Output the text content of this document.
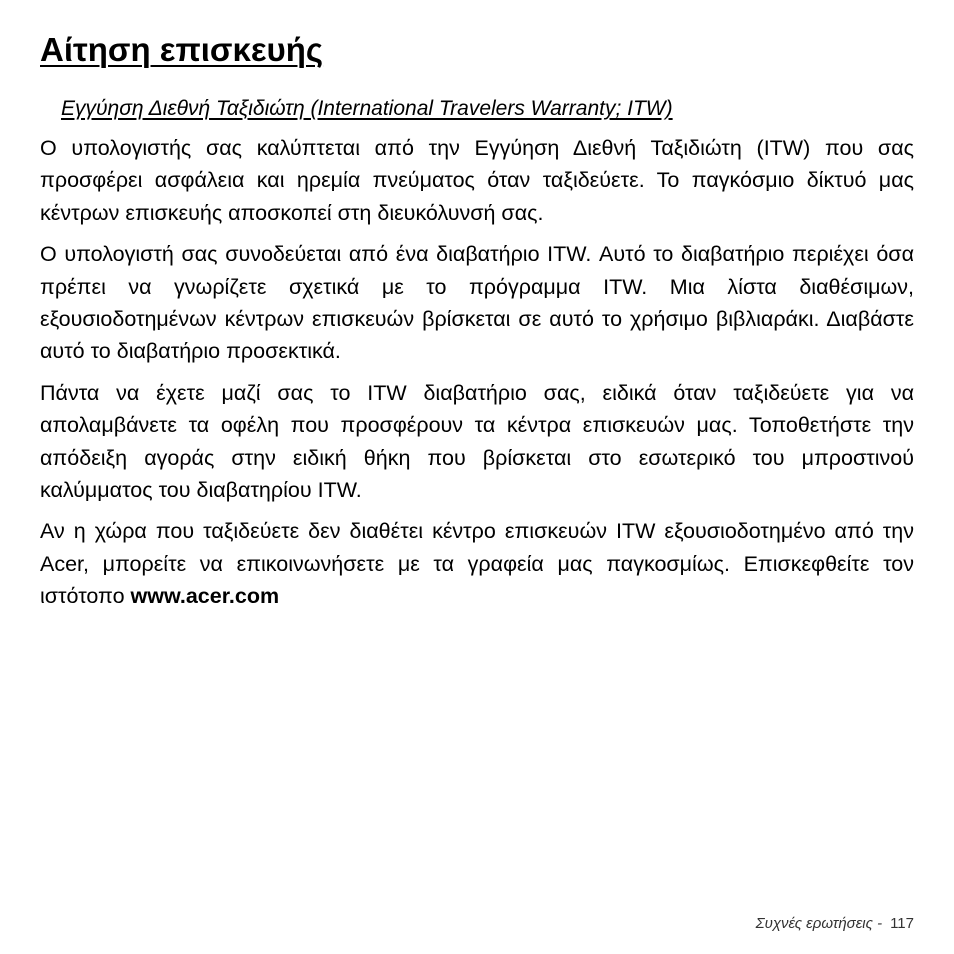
Αίτηση επισκευής
Εγγύηση Διεθνή Ταξιδιώτη (International Travelers Warranty; ITW)

Ο υπολογιστής σας καλύπτεται από την Εγγύηση Διεθνή Ταξιδιώτη (ITW) που σας προσφέρει ασφάλεια και ηρεμία πνεύματος όταν ταξιδεύετε. Το παγκόσμιο δίκτυό μας κέντρων επισκευής αποσκοπεί στη διευκόλυνσή σας.

Ο υπολογιστή σας συνοδεύεται από ένα διαβατήριο ITW. Αυτό το διαβατήριο περιέχει όσα πρέπει να γνωρίζετε σχετικά με το πρόγραμμα ITW. Μια λίστα διαθέσιμων, εξουσιοδοτημένων κέντρων επισκευών βρίσκεται σε αυτό το χρήσιμο βιβλιαράκι. Διαβάστε αυτό το διαβατήριο προσεκτικά.

Πάντα να έχετε μαζί σας το ITW διαβατήριο σας, ειδικά όταν ταξιδεύετε για να απολαμβάνετε τα οφέλη που προσφέρουν τα κέντρα επισκευών μας. Τοποθετήστε την απόδειξη αγοράς στην ειδική θήκη που βρίσκεται στο εσωτερικό του μπροστινού καλύμματος του διαβατηρίου ITW.

Αν η χώρα που ταξιδεύετε δεν διαθέτει κέντρο επισκευών ITW εξουσιοδοτημένο από την Acer, μπορείτε να επικοινωνήσετε με τα γραφεία μας παγκοσμίως. Επισκεφθείτε τον ιστότοπο www.acer.com

Συχνές ερωτήσεις - 117
